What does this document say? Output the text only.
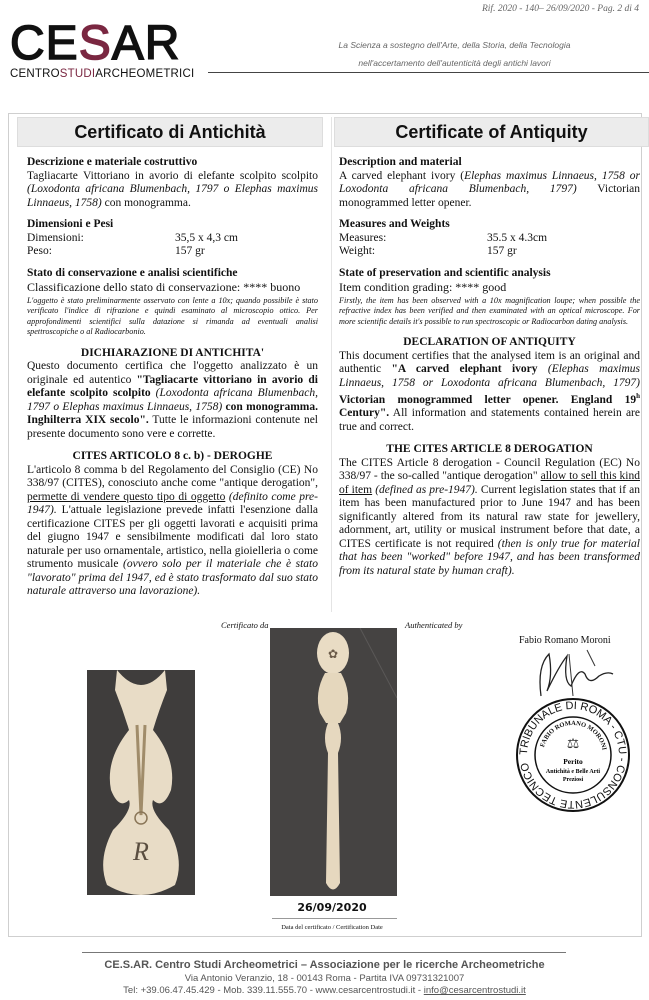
Rif. 2020 - 140– 26/09/2020 - Pag. 2 di 4
CESAR
CENTROSTUDIARCHEOMETRICI
La Scienza a sostegno dell'Arte, della Storia, della Tecnologia
nell'accertamento dell'autenticità degli antichi lavori
Certificato di Antichità
Descrizione e materiale costruttivo
Tagliacarte Vittoriano in avorio di elefante scolpito scolpito (Loxodonta africana Blumenbach, 1797 o Elephas maximus Linnaeus, 1758) con monogramma.
Dimensioni e Pesi
Dimensioni:	35,5 x 4,3 cm
Peso:	157 gr
Stato di conservazione e analisi scientifiche
Classificazione dello stato di conservazione: **** buono
L'oggetto è stato preliminarmente osservato con lente a 10x; quando possibile è stato verificato l'indice di rifrazione e quindi esaminato al microscopio ottico. Per approfondimenti scientifici sulla datazione si rimanda ad eventuali analisi spettroscopiche o al Radiocarbonio.
DICHIARAZIONE DI ANTICHITA'
Questo documento certifica che l'oggetto analizzato è un originale ed autentico "Tagliacarte vittoriano in avorio di elefante scolpito scolpito (Loxodonta africana Blumenbach, 1797 o Elephas maximus Linnaeus, 1758) con monogramma. Inghilterra XIX secolo". Tutte le informazioni contenute nel presente documento sono vere e corrette.
CITES ARTICOLO 8 c. b) - DEROGHE
L'articolo 8 comma b del Regolamento del Consiglio (CE) No 338/97 (CITES), conosciuto anche come "antique derogation", permette di vendere questo tipo di oggetto (definito come pre-1947). L'attuale legislazione prevede infatti l'esenzione dalla certificazione CITES per gli oggetti lavorati e acquisiti prima del giugno 1947 e sensibilmente modificati dal loro stato naturale per uso ornamentale, artistico, nella gioielleria o come strumento musicale (ovvero solo per il materiale che è stato "lavorato" prima del 1947, ed è stato trasformato dal suo stato naturale attraverso una lavorazione).
Certificate of Antiquity
Description and material
A carved elephant ivory (Elephas maximus Linnaeus, 1758 or Loxodonta africana Blumenbach, 1797) Victorian monogrammed letter opener.
Measures and Weights
Measures:	35.5 x 4.3cm
Weight:	157 gr
State of preservation and scientific analysis
Item condition grading: **** good
Firstly, the item has been observed with a 10x magnification loupe; when possible the refractive index has been verified and then examinated with an optical microscope. For more scientific details it's possible to run spectroscopic or Radiocarbon dating analysis.
DECLARATION OF ANTIQUITY
This document certifies that the analysed item is an original and authentic "A carved elephant ivory (Elephas maximus Linnaeus, 1758 or Loxodonta africana Blumenbach, 1797) Victorian monogrammed letter opener. England 19$^h$ Century". All information and statements contained herein are true and correct.
THE CITES ARTICLE 8 DEROGATION
The CITES Article 8 derogation - Council Regulation (EC) No 338/97 - the so-called "antique derogation" allow to sell this kind of item (defined as pre-1947). Current legislation states that if an item has been manufactured prior to June 1947 and has been significantly altered from its natural raw state for jewellery, adornment, art, utility or musical instrument before that date, a CITES certificate is not required (then is only true for material that has been "worked" before 1947, and has been transformed from its natural state by human craft).
Certificato da	Authenticated by
R
✿
26/09/2020
Data del certificato / Certification Date
Fabio Romano Moroni
TRIBUNALE DI ROMA - CTU - CONSULENTE TECNICO
FABIO ROMANO MORONI
⚖
Perito
Antichità e Belle Arti
Preziosi
CE.S.AR. Centro Studi Archeometrici – Associazione per le ricerche Archeometriche
Via Antonio Veranzio, 18 - 00143 Roma - Partita IVA 09731321007
Tel: +39.06.47.45.429 - Mob. 339.11.555.70 - www.cesarcentrostudi.it - info@cesarcentrostudi.it
